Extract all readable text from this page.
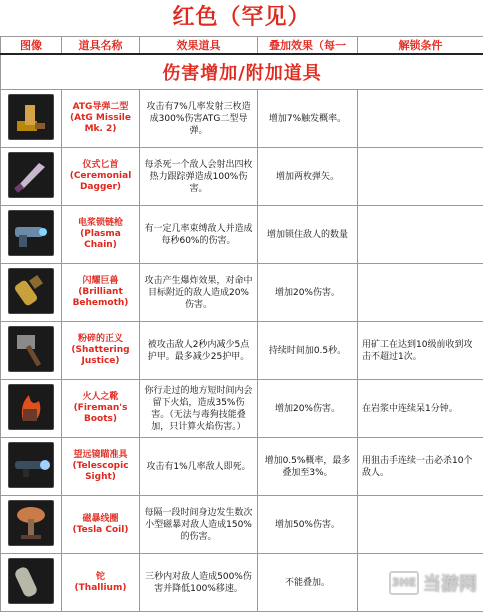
红色（罕见）
图像	道具名称	效果道具	叠加效果（每一	解锁条件
伤害增加/附加道具				

ATG导弹二型
(AtG Missile Mk. 2)	攻击有7%几率发射三枚造成300%伤害ATG二型导弹。	增加7%触发概率。	

仪式匕首
(Ceremonial Dagger)	每杀死一个敌人会射出四枚热力跟踪弹造成100%伤害。	增加两枚弹矢。	

电浆锁链枪
(Plasma Chain)	有一定几率束缚敌人并造成每秒60%的伤害。	增加锁住敌人的数量	

闪耀巨兽
(Brilliant Behemoth)	攻击产生爆炸效果，对命中目标附近的敌人造成20%伤害。	增加20%伤害。	

粉碎的正义
(Shattering Justice)	被攻击敌人2秒内减少5点护甲。最多减少25护甲。	持续时间加0.5秒。	用矿工在达到10级前收到攻击不超过1次。

火人之靴
(Fireman's Boots)	你行走过的地方短时间内会留下火焰，造成35%伤害。（无法与毒狗技能叠加，只计算火焰伤害。）	增加20%伤害。	在岩浆中连续呆1分钟。

望远镜瞄准具
(Telescopic Sight)	攻击有1%几率敌人即死。	增加0.5%概率，最多叠加至3%。	用狙击手连续一击必杀10个敌人。

磁暴线圈
(Tesla Coil)	每隔一段时间身边发生数次小型磁暴对敌人造成150%的伤害。	增加50%伤害。	

铊
(Thallium)	三秒内对敌人造成500%伤害并降低100%移速。	不能叠加。		3HE 当游网
